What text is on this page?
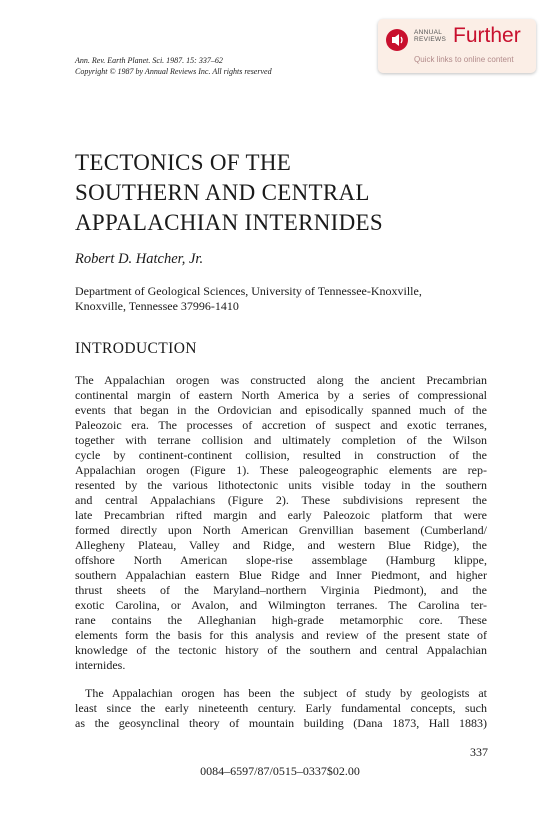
Ann. Rev. Earth Planet. Sci. 1987. 15: 337–62
Copyright © 1987 by Annual Reviews Inc. All rights reserved
ANNUAL
REVIEWS Further
Quick links to online content
TECTONICS OF THE
SOUTHERN AND CENTRAL
APPALACHIAN INTERNIDES
Robert D. Hatcher, Jr.
Department of Geological Sciences, University of Tennessee-Knoxville,
Knoxville, Tennessee 37996-1410
INTRODUCTION
The Appalachian orogen was constructed along the ancient Precambrian
continental margin of eastern North America by a series of compressional
events that began in the Ordovician and episodically spanned much of the
Paleozoic era. The processes of accretion of suspect and exotic terranes,
together with terrane collision and ultimately completion of the Wilson
cycle by continent-continent collision, resulted in construction of the
Appalachian orogen (Figure 1). These paleogeographic elements are rep-
resented by the various lithotectonic units visible today in the southern
and central Appalachians (Figure 2). These subdivisions represent the
late Precambrian rifted margin and early Paleozoic platform that were
formed directly upon North American Grenvillian basement (Cumberland/
Allegheny Plateau, Valley and Ridge, and western Blue Ridge), the
offshore North American slope-rise assemblage (Hamburg klippe,
southern Appalachian eastern Blue Ridge and Inner Piedmont, and higher
thrust sheets of the Maryland–northern Virginia Piedmont), and the
exotic Carolina, or Avalon, and Wilmington terranes. The Carolina ter-
rane contains the Alleghanian high-grade metamorphic core. These
elements form the basis for this analysis and review of the present state of
knowledge of the tectonic history of the southern and central Appalachian
internides.
The Appalachian orogen has been the subject of study by geologists at
least since the early nineteenth century. Early fundamental concepts, such
as the geosynclinal theory of mountain building (Dana 1873, Hall 1883)
337
0084–6597/87/0515–0337$02.00
